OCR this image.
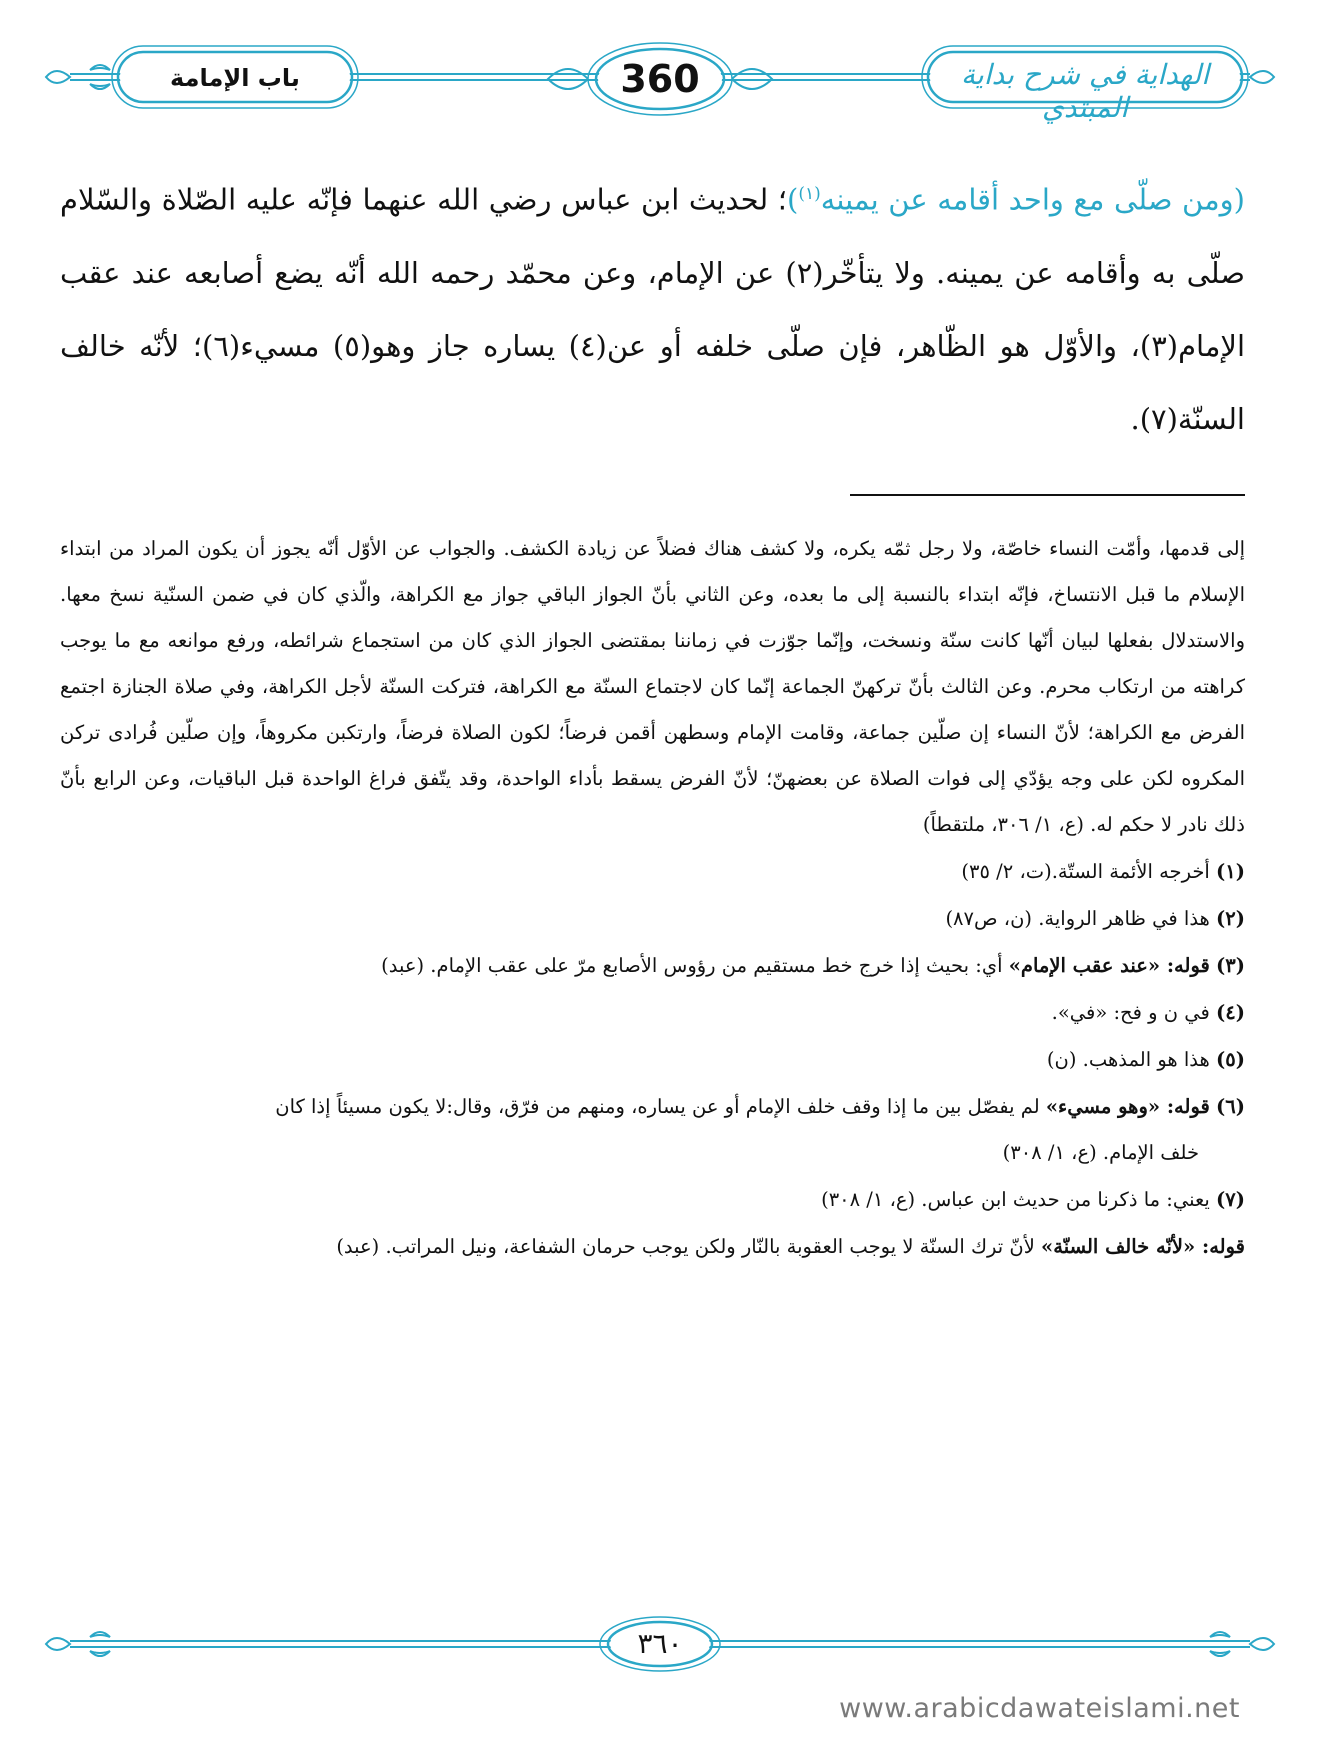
الهداية في شرح بداية المبتدي
360
باب الإمامة
(ومن صلّى مع واحد أقامه عن يمينه$^{(١)}$)؛ لحديث ابن عباس رضي الله عنهما فإنّه عليه الصّلاة والسّلام صلّى به وأقامه عن يمينه. ولا يتأخّر(٢) عن الإمام، وعن محمّد رحمه الله أنّه يضع أصابعه عند عقب الإمام(٣)، والأوّل هو الظّاهر، فإن صلّى خلفه أو عن(٤) يساره جاز وهو(٥) مسيء(٦)؛ لأنّه خالف السنّة(٧).

إلى قدمها، وأمّت النساء خاصّة، ولا رجل ثمّه يكره، ولا كشف هناك فضلاً عن زيادة الكشف. والجواب عن الأوّل أنّه يجوز أن يكون المراد من ابتداء الإسلام ما قبل الانتساخ، فإنّه ابتداء بالنسبة إلى ما بعده، وعن الثاني بأنّ الجواز الباقي جواز مع الكراهة، والّذي كان في ضمن السنّية نسخ معها. والاستدلال بفعلها لبيان أنّها كانت سنّة ونسخت، وإنّما جوّزت في زماننا بمقتضى الجواز الذي كان من استجماع شرائطه، ورفع موانعه مع ما يوجب كراهته من ارتكاب محرم. وعن الثالث بأنّ تركهنّ الجماعة إنّما كان لاجتماع السنّة مع الكراهة، فتركت السنّة لأجل الكراهة، وفي صلاة الجنازة اجتمع الفرض مع الكراهة؛ لأنّ النساء إن صلّين جماعة، وقامت الإمام وسطهن أقمن فرضاً؛ لكون الصلاة فرضاً، وارتكبن مكروهاً، وإن صلّين فُرادى تركن المكروه لكن على وجه يؤدّي إلى فوات الصلاة عن بعضهنّ؛ لأنّ الفرض يسقط بأداء الواحدة، وقد يتّفق فراغ الواحدة قبل الباقيات، وعن الرابع بأنّ ذلك نادر لا حكم له. (ع، ١/ ٣٠٦، ملتقطاً)

(١) أخرجه الأئمة الستّة.(ت، ٢/ ٣٥)

(٢) هذا في ظاهر الرواية. (ن، ص٨٧)

(٣) قوله: «عند عقب الإمام» أي: بحيث إذا خرج خط مستقيم من رؤوس الأصابع مرّ على عقب الإمام. (عبد)

(٤) في ن و فح: «في».

(٥) هذا هو المذهب. (ن)

(٦) قوله: «وهو مسيء» لم يفصّل بين ما إذا وقف خلف الإمام أو عن يساره، ومنهم من فرّق، وقال:لا يكون مسيئاً إذا كان

خلف الإمام. (ع، ١/ ٣٠٨)

(٧) يعني: ما ذكرنا من حديث ابن عباس. (ع، ١/ ٣٠٨)

قوله: «لأنّه خالف السنّة» لأنّ ترك السنّة لا يوجب العقوبة بالنّار ولكن يوجب حرمان الشفاعة، ونيل المراتب. (عبد)

٣٦٠
www.arabicdawateislami.net
